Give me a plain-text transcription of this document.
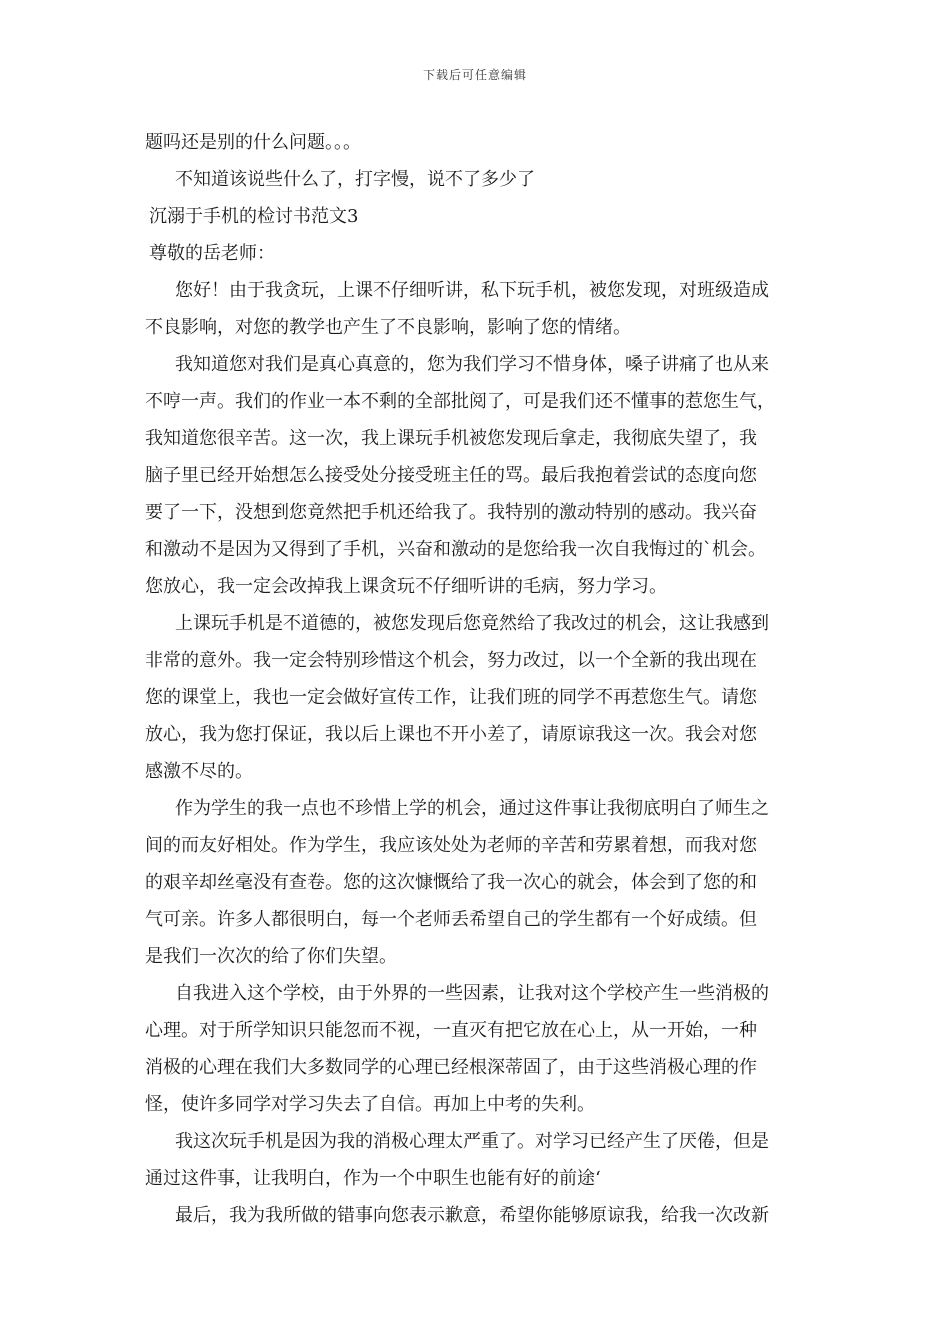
下载后可任意编辑
题吗还是别的什么问题。。。
不知道该说些什么了，打字慢，说不了多少了
沉溺于手机的检讨书范文3
尊敬的岳老师：
您好！由于我贪玩，上课不仔细听讲，私下玩手机，被您发现，对班级造成
不良影响，对您的教学也产生了不良影响，影响了您的情绪。
我知道您对我们是真心真意的，您为我们学习不惜身体，嗓子讲痛了也从来
不哼一声。我们的作业一本不剩的全部批阅了，可是我们还不懂事的惹您生气，
我知道您很辛苦。这一次，我上课玩手机被您发现后拿走，我彻底失望了，我
脑子里已经开始想怎么接受处分接受班主任的骂。最后我抱着尝试的态度向您
要了一下，没想到您竟然把手机还给我了。我特别的激动特别的感动。我兴奋
和激动不是因为又得到了手机，兴奋和激动的是您给我一次自我悔过的`机会。
您放心，我一定会改掉我上课贪玩不仔细听讲的毛病，努力学习。
上课玩手机是不道德的，被您发现后您竟然给了我改过的机会，这让我感到
非常的意外。我一定会特别珍惜这个机会，努力改过，以一个全新的我出现在
您的课堂上，我也一定会做好宣传工作，让我们班的同学不再惹您生气。请您
放心，我为您打保证，我以后上课也不开小差了，请原谅我这一次。我会对您
感激不尽的。
作为学生的我一点也不珍惜上学的机会，通过这件事让我彻底明白了师生之
间的而友好相处。作为学生，我应该处处为老师的辛苦和劳累着想，而我对您
的艰辛却丝毫没有查卷。您的这次慷慨给了我一次心的就会，体会到了您的和
气可亲。许多人都很明白，每一个老师丢希望自己的学生都有一个好成绩。但
是我们一次次的给了你们失望。
自我进入这个学校，由于外界的一些因素，让我对这个学校产生一些消极的
心理。对于所学知识只能忽而不视，一直灭有把它放在心上，从一开始，一种
消极的心理在我们大多数同学的心理已经根深蒂固了，由于这些消极心理的作
怪，使许多同学对学习失去了自信。再加上中考的失利。
我这次玩手机是因为我的消极心理太严重了。对学习已经产生了厌倦，但是
通过这件事，让我明白，作为一个中职生也能有好的前途‘
最后，我为我所做的错事向您表示歉意，希望你能够原谅我，给我一次改新
